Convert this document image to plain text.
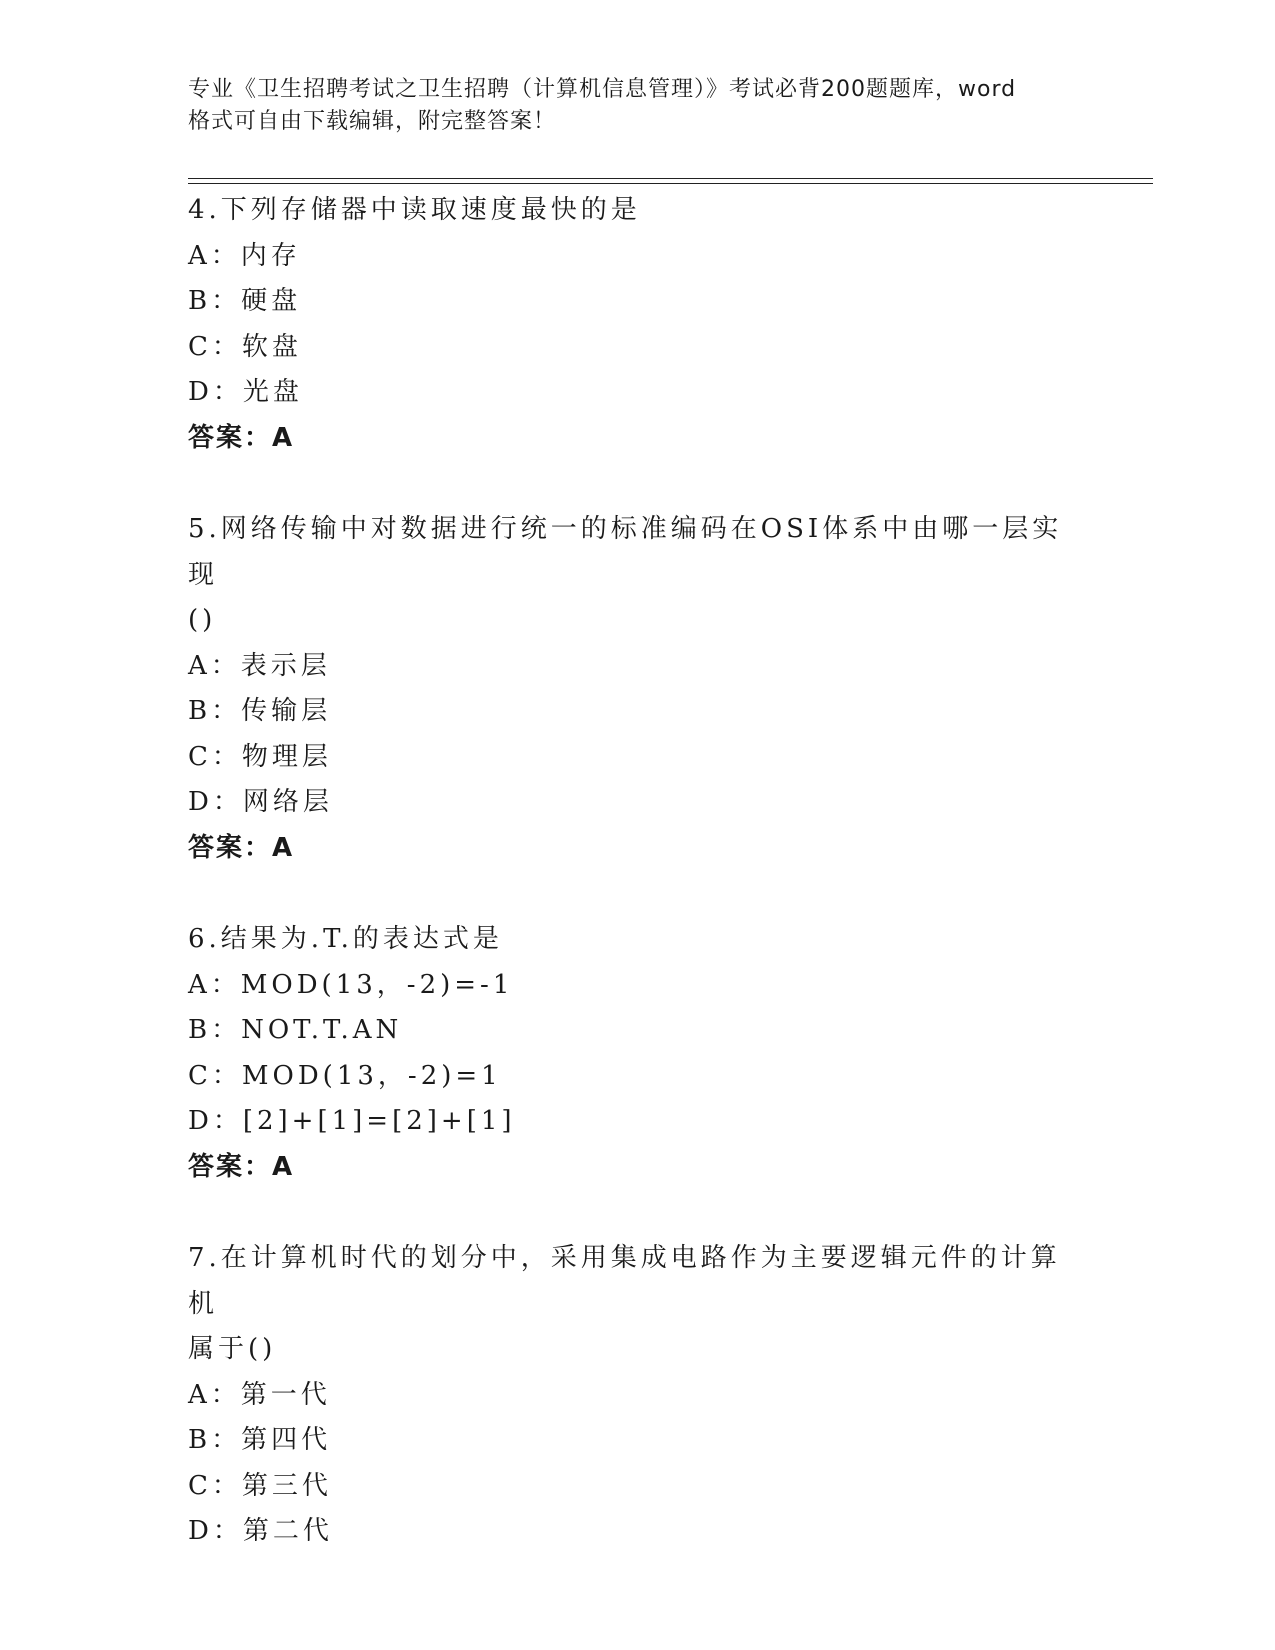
专业《卫生招聘考试之卫生招聘（计算机信息管理）》考试必背200题题库，word
格式可自由下载编辑，附完整答案！
4.下列存储器中读取速度最快的是
A：内存
B：硬盘
C：软盘
D：光盘
答案：A
5.网络传输中对数据进行统一的标准编码在OSI体系中由哪一层实现
()
A：表示层
B：传输层
C：物理层
D：网络层
答案：A
6.结果为.T.的表达式是
A：MOD(13，-2)=-1
B：NOT.T.AN
C：MOD(13，-2)=1
D：[2]+[1]=[2]+[1]
答案：A
7.在计算机时代的划分中，采用集成电路作为主要逻辑元件的计算机
属于()
A：第一代
B：第四代
C：第三代
D：第二代
